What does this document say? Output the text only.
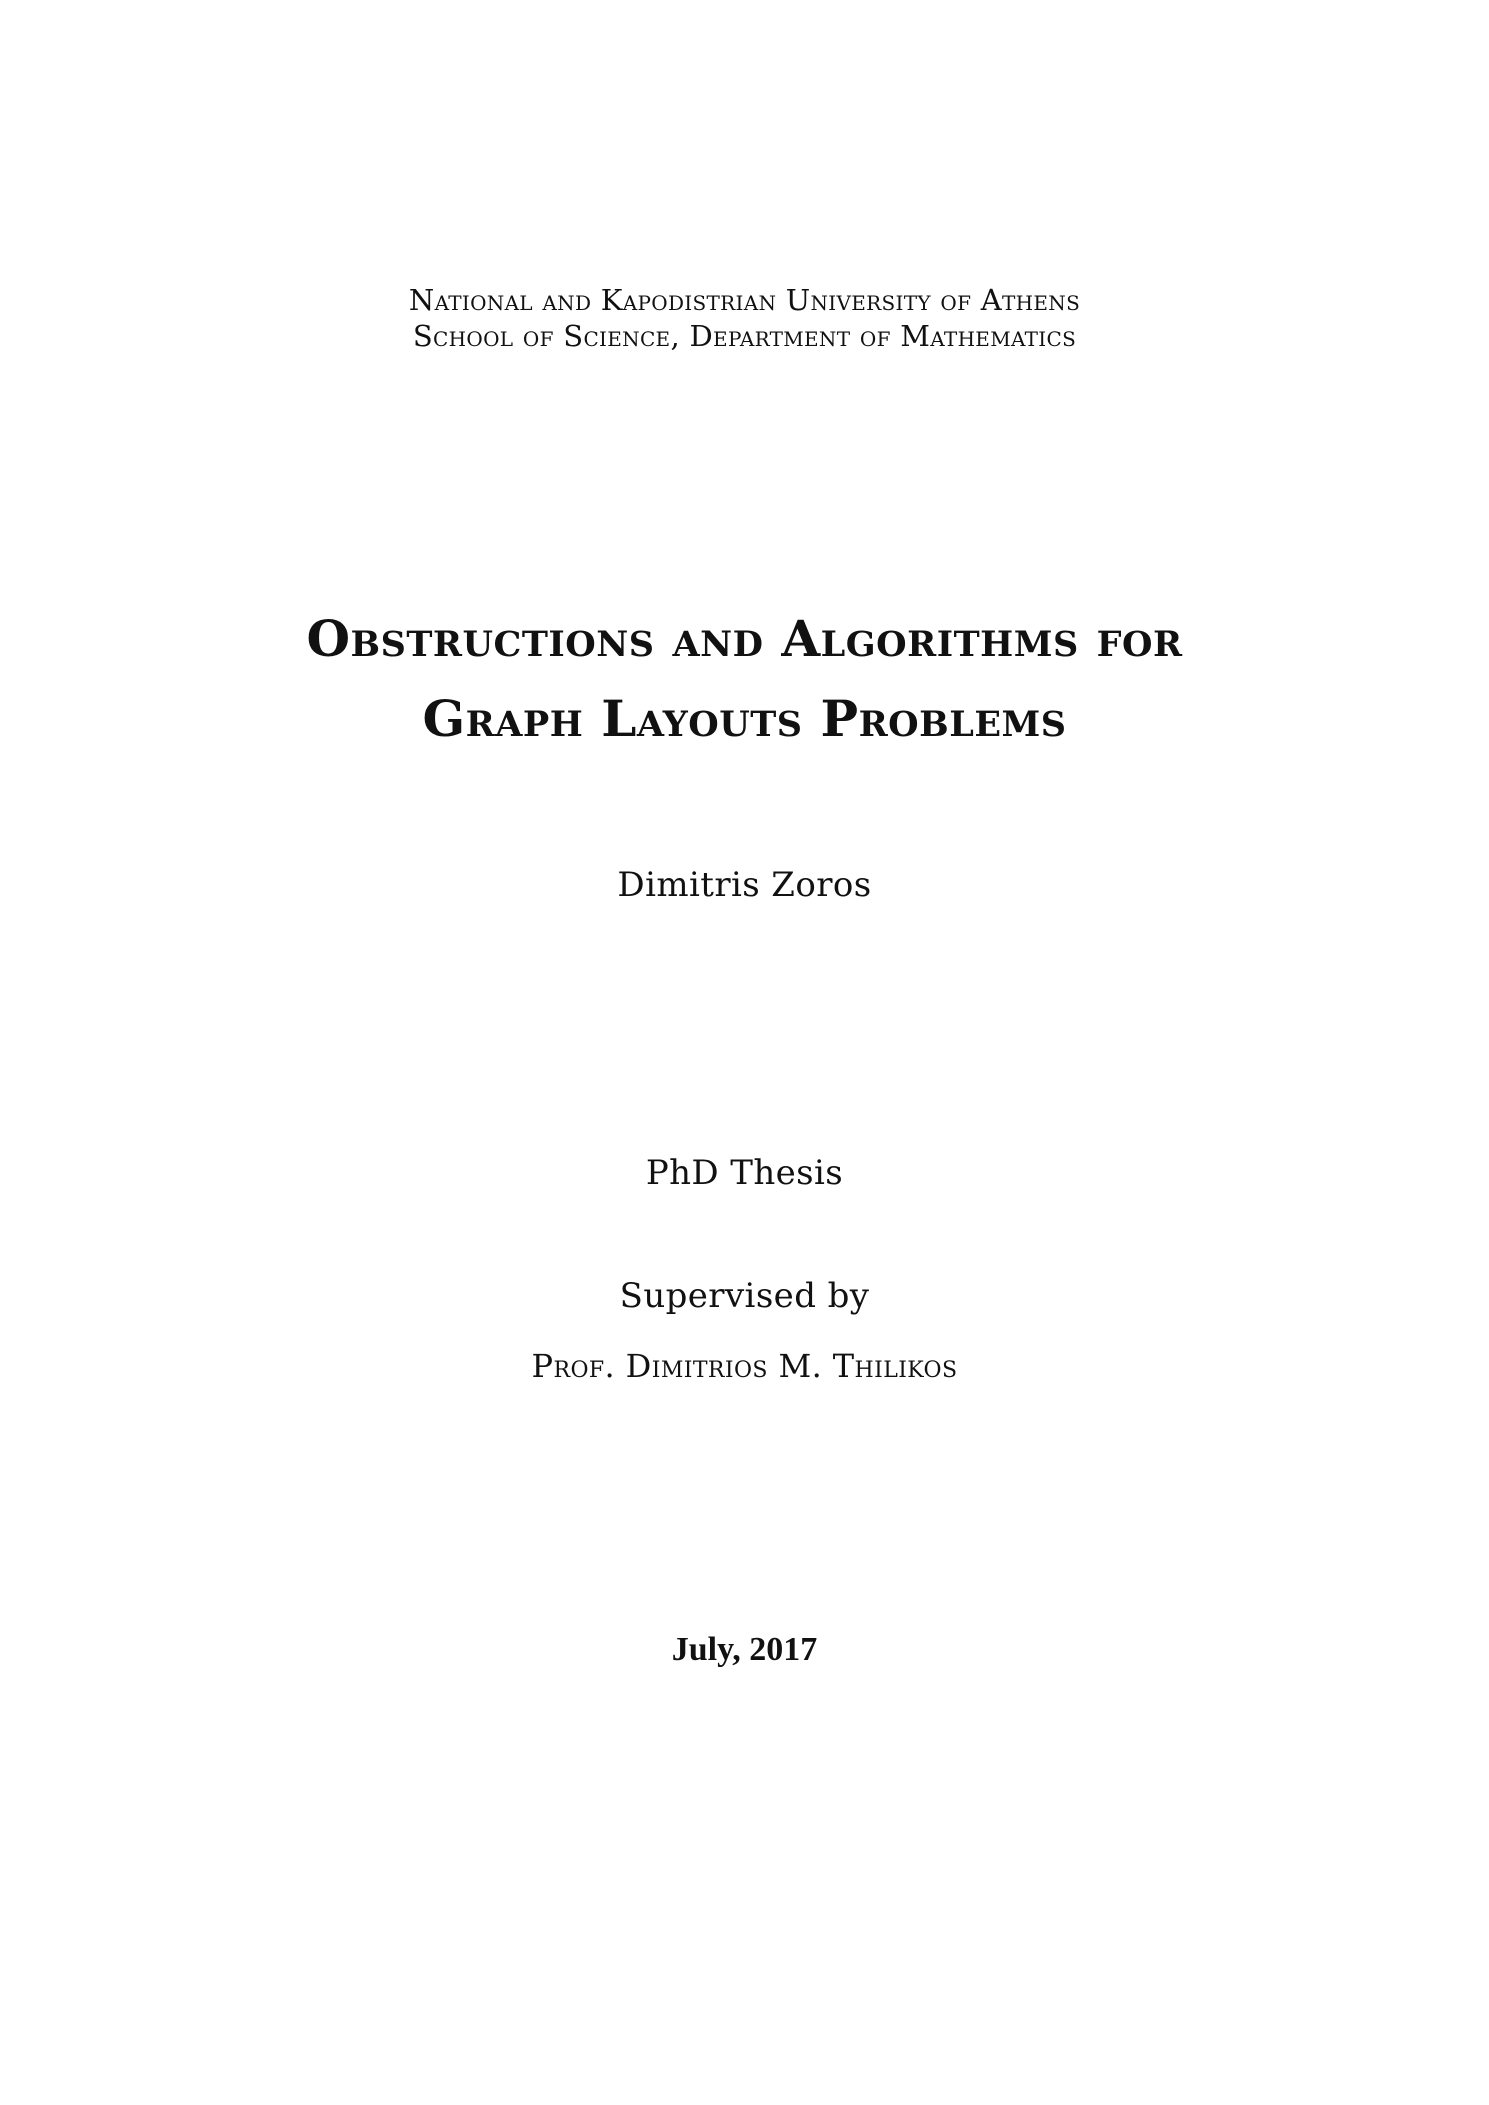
National and Kapodistrian University of Athens
School of Science, Department of Mathematics
Obstructions and Algorithms for
Graph Layouts Problems
Dimitris Zoros
PhD Thesis
Supervised by
Prof. Dimitrios M. Thilikos
July, 2017
